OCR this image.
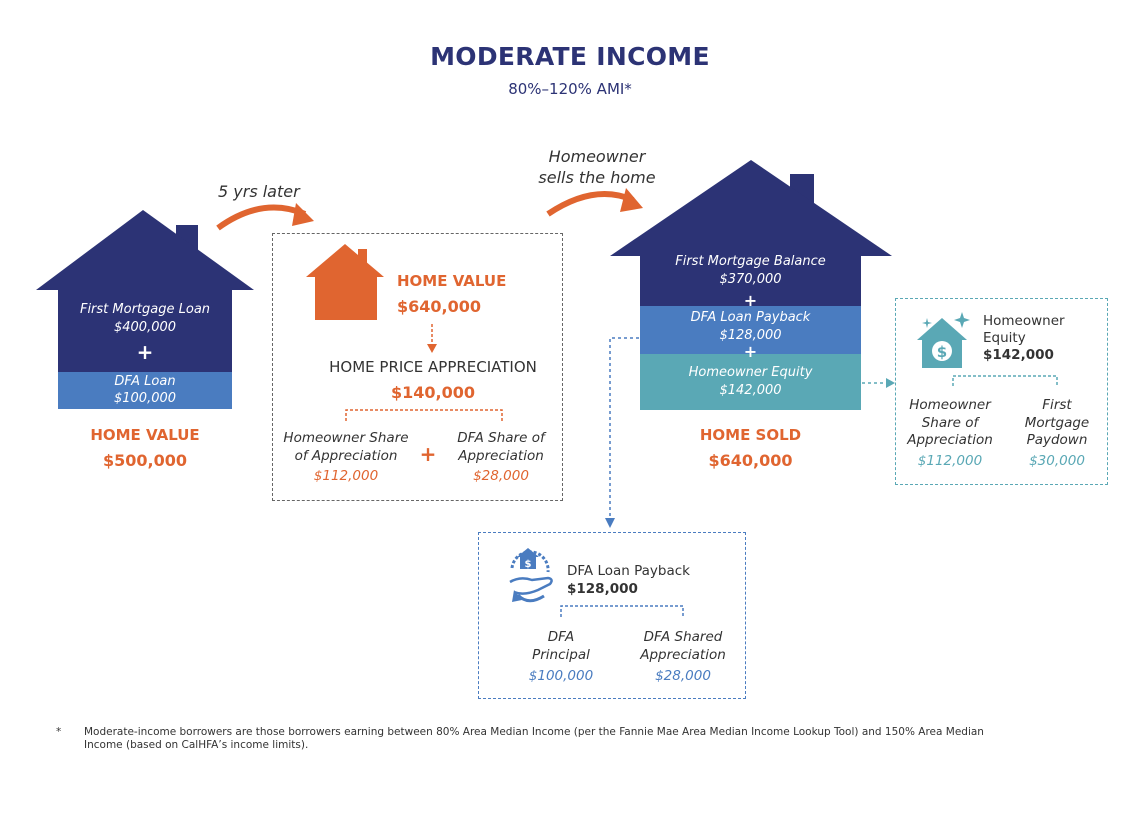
MODERATE INCOME
80%–120% AMI*
$
$
5 yrs later
Homeowner
sells the home
First Mortgage Loan
$400,000
+
DFA Loan
$100,000
HOME VALUE
$500,000
HOME VALUE
$640,000
HOME PRICE APPRECIATION
$140,000
Homeowner Share
of Appreciation
$112,000
+
DFA Share of
Appreciation
$28,000
First Mortgage Balance
$370,000
+
DFA Loan Payback
$128,000
+
Homeowner Equity
$142,000
HOME SOLD
$640,000
Homeowner
Equity
$142,000
Homeowner
Share of
Appreciation
$112,000
First
Mortgage
Paydown
$30,000
DFA Loan Payback
$128,000
DFA
Principal
$100,000
DFA Shared
Appreciation
$28,000
* Moderate-income borrowers are those borrowers earning between 80% Area Median Income (per the Fannie Mae Area Median Income Lookup Tool) and 150% Area Median
Income (based on CalHFA’s income limits).
